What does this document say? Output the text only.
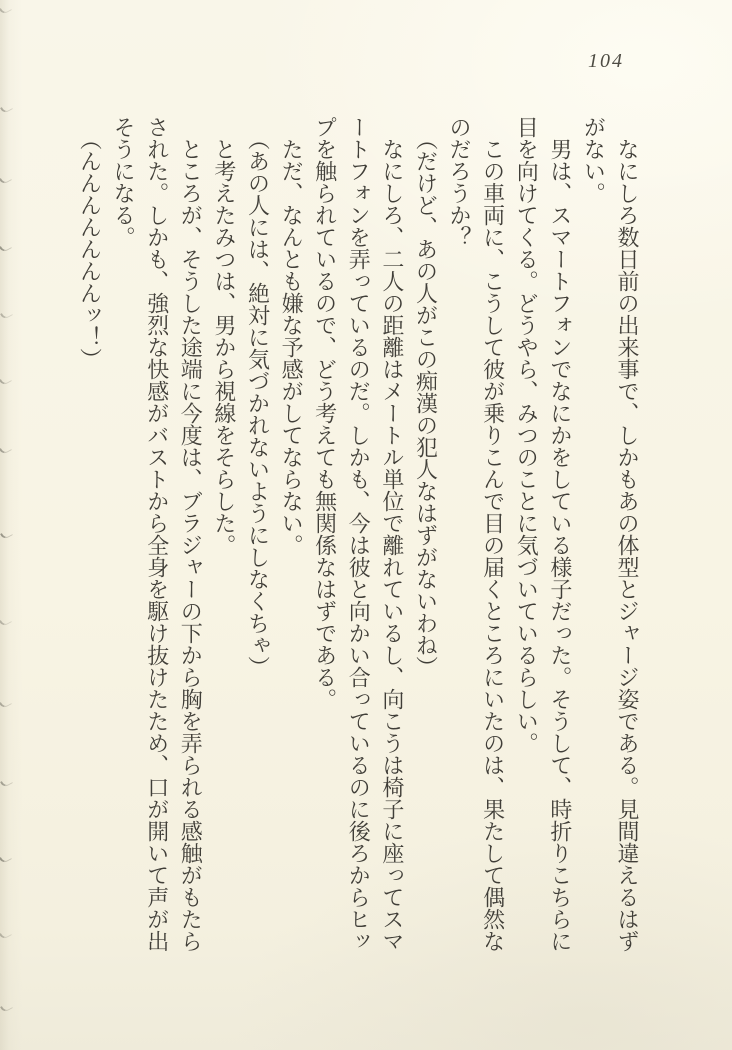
104
なにしろ数日前の出来事で、しかもあの体型とジャージ姿である。見間違えるはず
がない。
男は、スマートフォンでなにかをしている様子だった。そうして、時折りこちらに
目を向けてくる。どうやら、みつのことに気づいているらしい。
この車両に、こうして彼が乗りこんで目の届くところにいたのは、果たして偶然な
のだろうか？
（だけど、あの人がこの痴漢の犯人なはずがないわね）
なにしろ、二人の距離はメートル単位で離れているし、向こうは椅子に座ってスマ
ートフォンを弄っているのだ。しかも、今は彼と向かい合っているのに後ろからヒッ
プを触られているので、どう考えても無関係なはずである。
ただ、なんとも嫌な予感がしてならない。
（あの人には、絶対に気づかれないようにしなくちゃ）
と考えたみつは、男から視線をそらした。
ところが、そうした途端に今度は、ブラジャーの下から胸を弄られる感触がもたら
された。しかも、強烈な快感がバストから全身を駆け抜けたため、口が開いて声が出
そうになる。
（んんんんんんんッ！）
